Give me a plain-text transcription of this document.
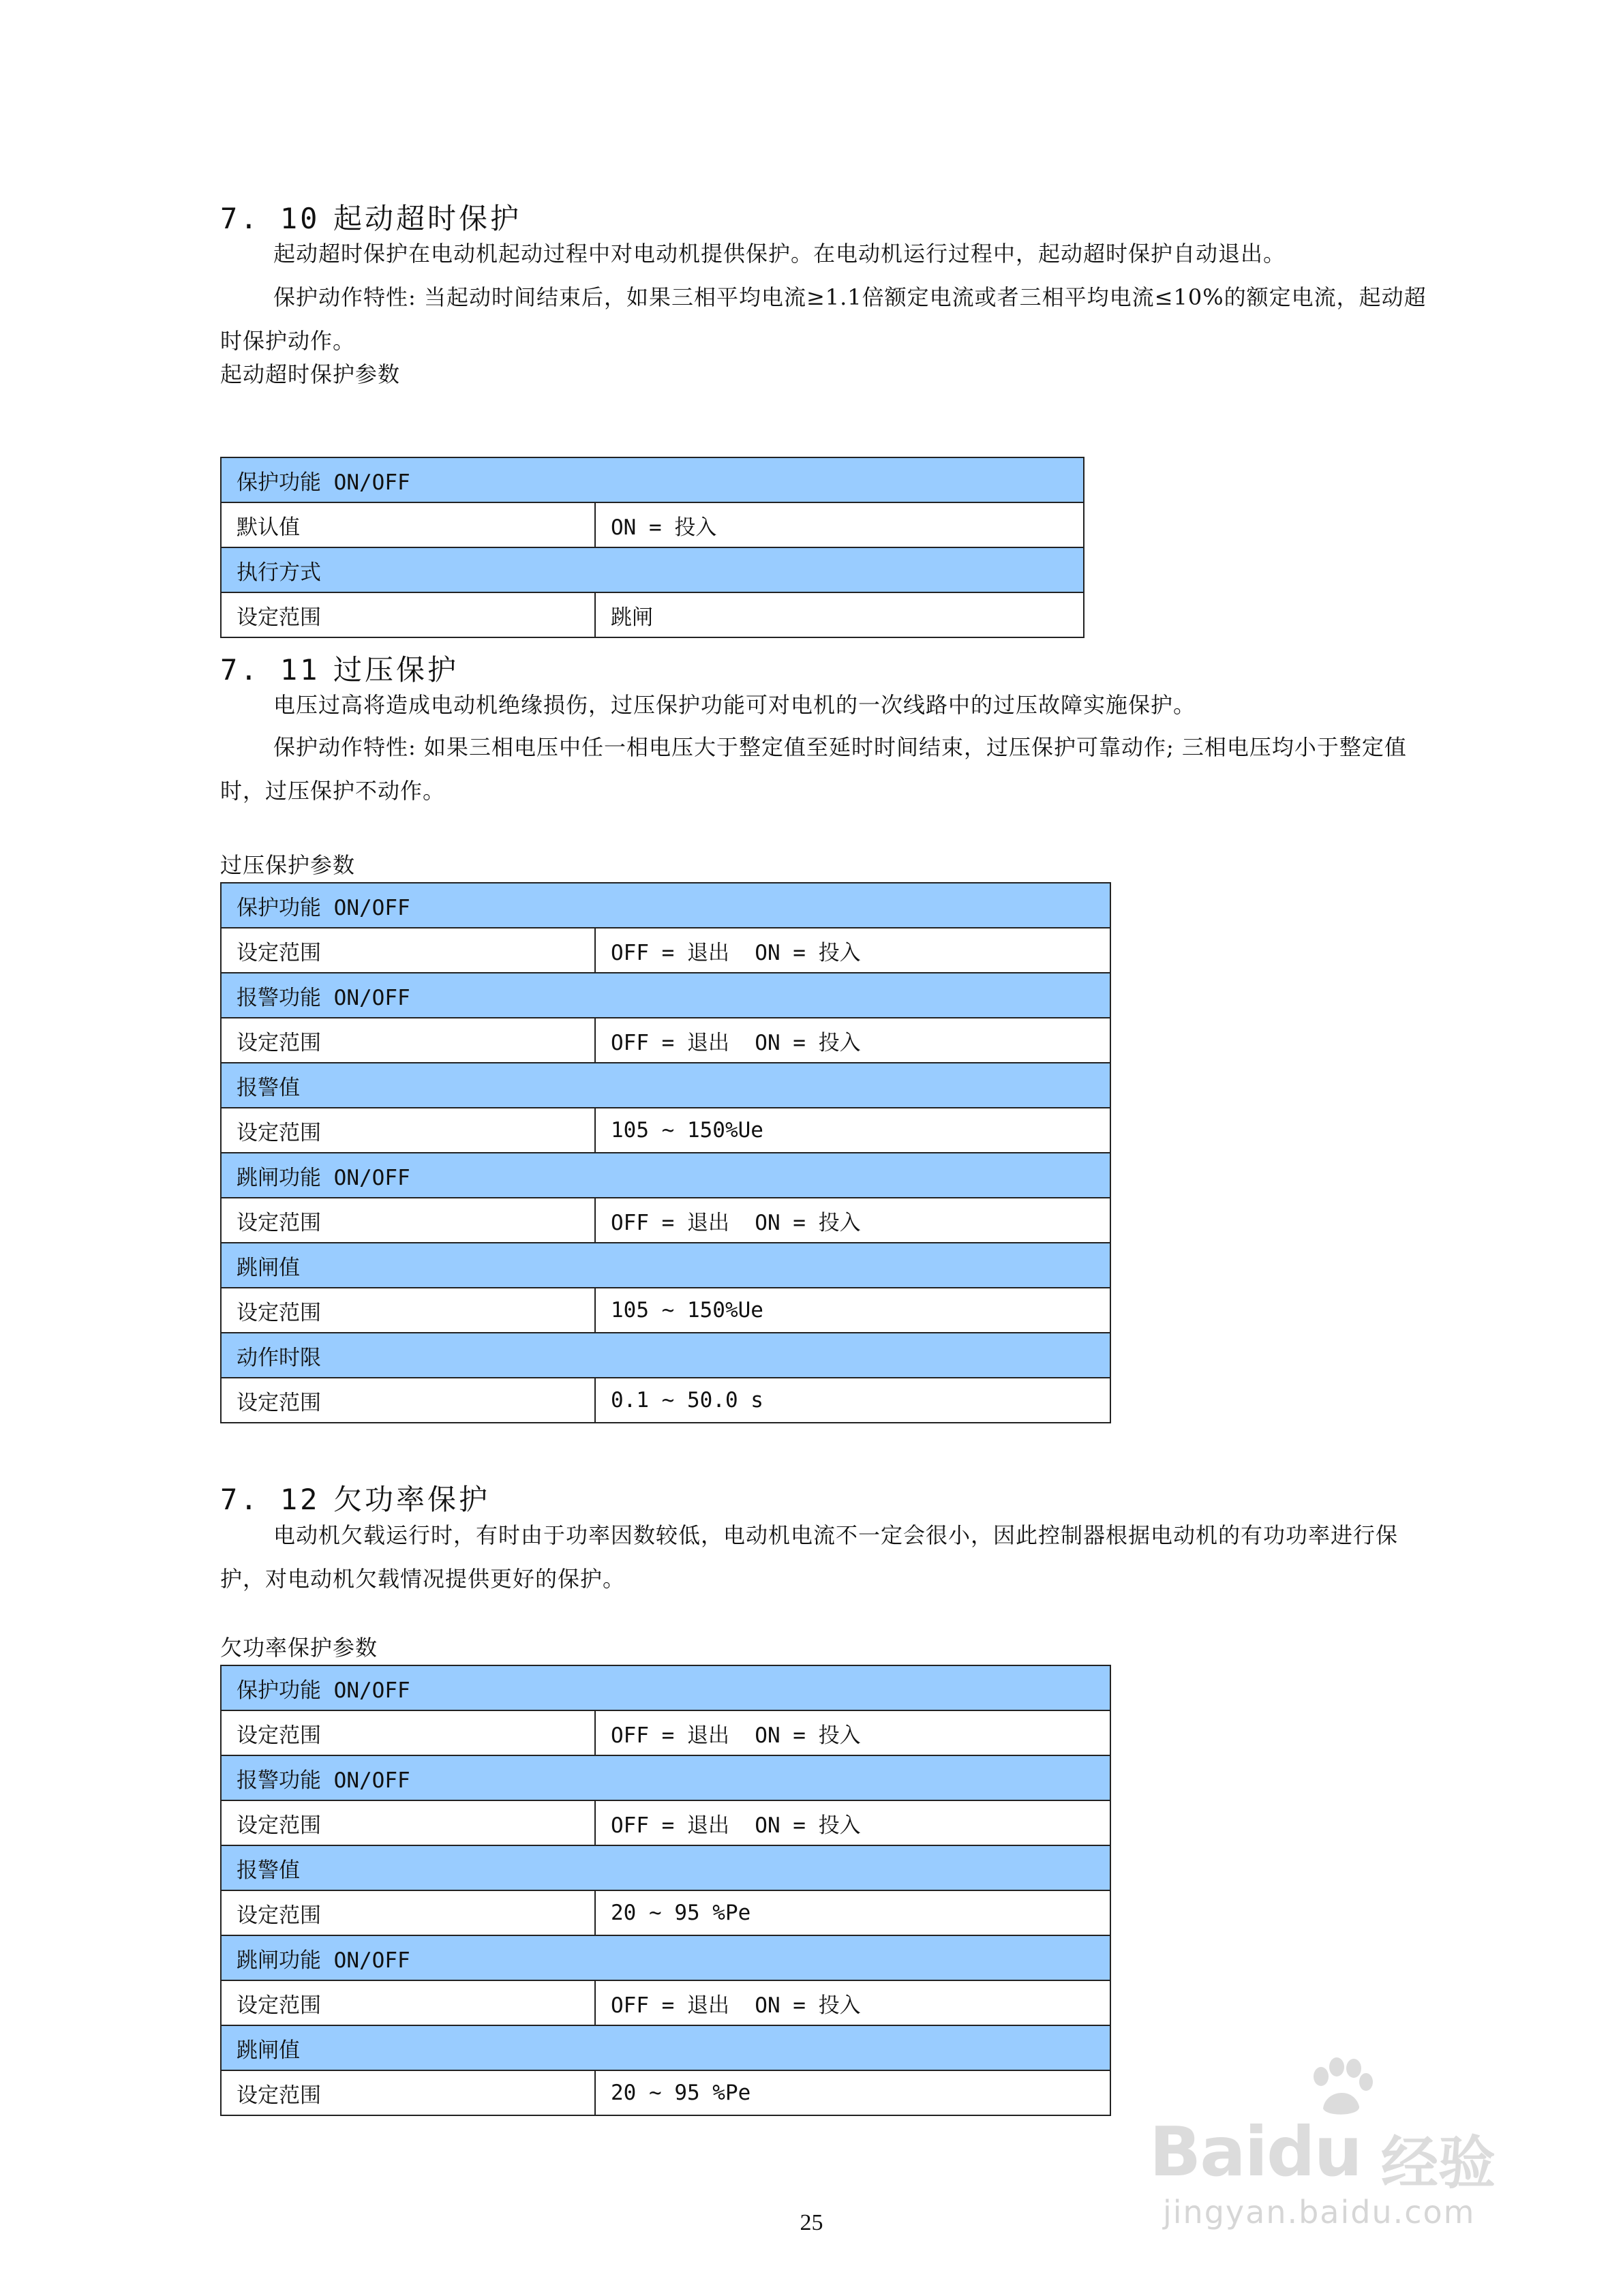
7. 10 起动超时保护

起动超时保护在电动机起动过程中对电动机提供保护。在电动机运行过程中，起动超时保护自动退出。

保护动作特性: 当起动时间结束后，如果三相平均电流≥1.1倍额定电流或者三相平均电流≤10%的额定电流，起动超时保护动作。

起动超时保护参数

保护功能 ON/OFF	
默认值	ON = 投入
执行方式	
设定范围	跳闸
7. 11 过压保护

电压过高将造成电动机绝缘损伤，过压保护功能可对电机的一次线路中的过压故障实施保护。

保护动作特性: 如果三相电压中任一相电压大于整定值至延时时间结束，过压保护可靠动作; 三相电压均小于整定值时，过压保护不动作。

过压保护参数

保护功能 ON/OFF	
设定范围	OFF = 退出  ON = 投入
报警功能 ON/OFF	
设定范围	OFF = 退出  ON = 投入
报警值	
设定范围	105 ~ 150%Ue
跳闸功能 ON/OFF	
设定范围	OFF = 退出  ON = 投入
跳闸值	
设定范围	105 ~ 150%Ue
动作时限	
设定范围	0.1 ~ 50.0 s
7. 12 欠功率保护

电动机欠载运行时，有时由于功率因数较低，电动机电流不一定会很小，因此控制器根据电动机的有功功率进行保护，对电动机欠载情况提供更好的保护。

欠功率保护参数

保护功能 ON/OFF	
设定范围	OFF = 退出  ON = 投入
报警功能 ON/OFF	
设定范围	OFF = 退出  ON = 投入
报警值	
设定范围	20 ~ 95 %Pe
跳闸功能 ON/OFF	
设定范围	OFF = 退出  ON = 投入
跳闸值	
设定范围	20 ~ 95 %Pe
Baidu 经验
jingyan.baidu.com
25
